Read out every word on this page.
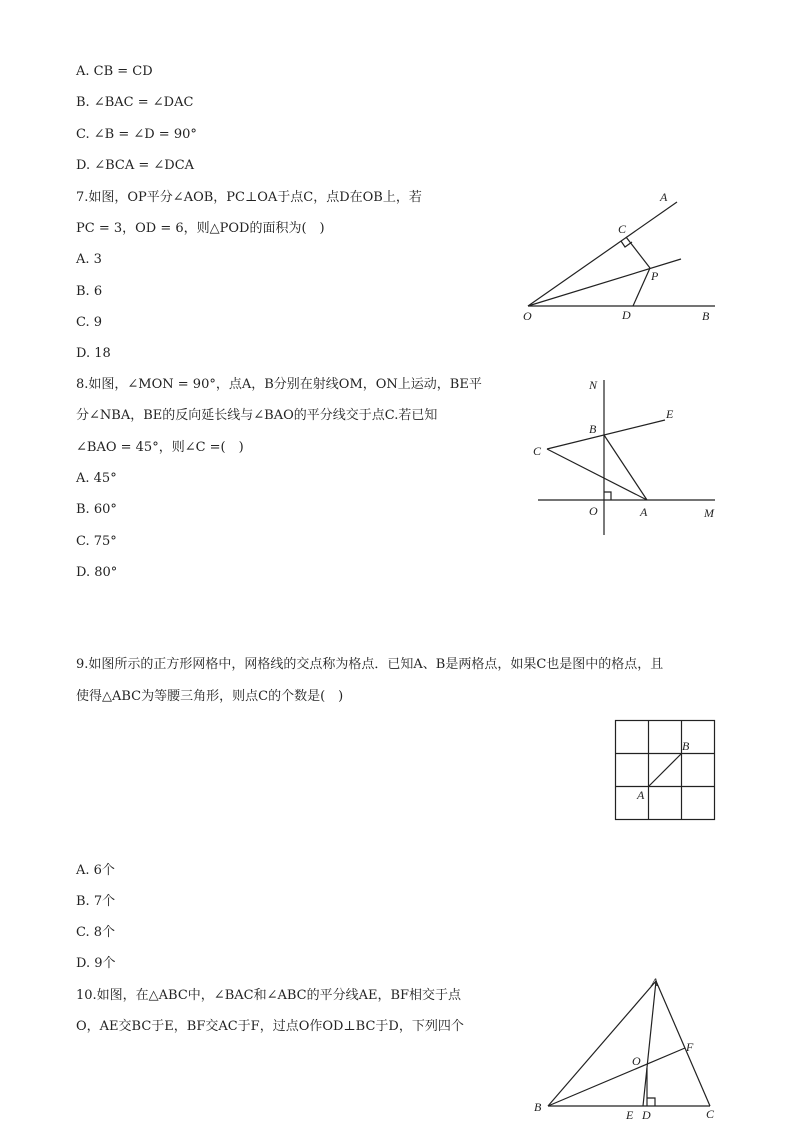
A. CB = CD
B. ∠BAC = ∠DAC
C. ∠B = ∠D = 90°
D. ∠BCA = ∠DCA
7.如图，OP平分∠AOB，PC⊥OA于点C，点D在OB上，若
PC = 3，OD = 6，则△POD的面积为(　)
A. 3
B. 6
C. 9
D. 18
A
C
P
O	D	B
8.如图，∠MON = 90°，点A，B分别在射线OM，ON上运动，BE平
分∠NBA，BE的反向延长线与∠BAO的平分线交于点C.若已知
∠BAO = 45°，则∠C =(　)
A. 45°
B. 60°
C. 75°
D. 80°
N
E
B
C
O	A	M
9.如图所示的正方形网格中，网格线的交点称为格点．已知A、B是两格点，如果C也是图中的格点，且
使得△ABC为等腰三角形，则点C的个数是(　)
A
B
A. 6个
B. 7个
C. 8个
D. 9个
10.如图，在△ABC中，∠BAC和∠ABC的平分线AE，BF相交于点
O，AE交BC于E，BF交AC于F，过点O作OD⊥BC于D，下列四个
A
O
F
B
E D	C
